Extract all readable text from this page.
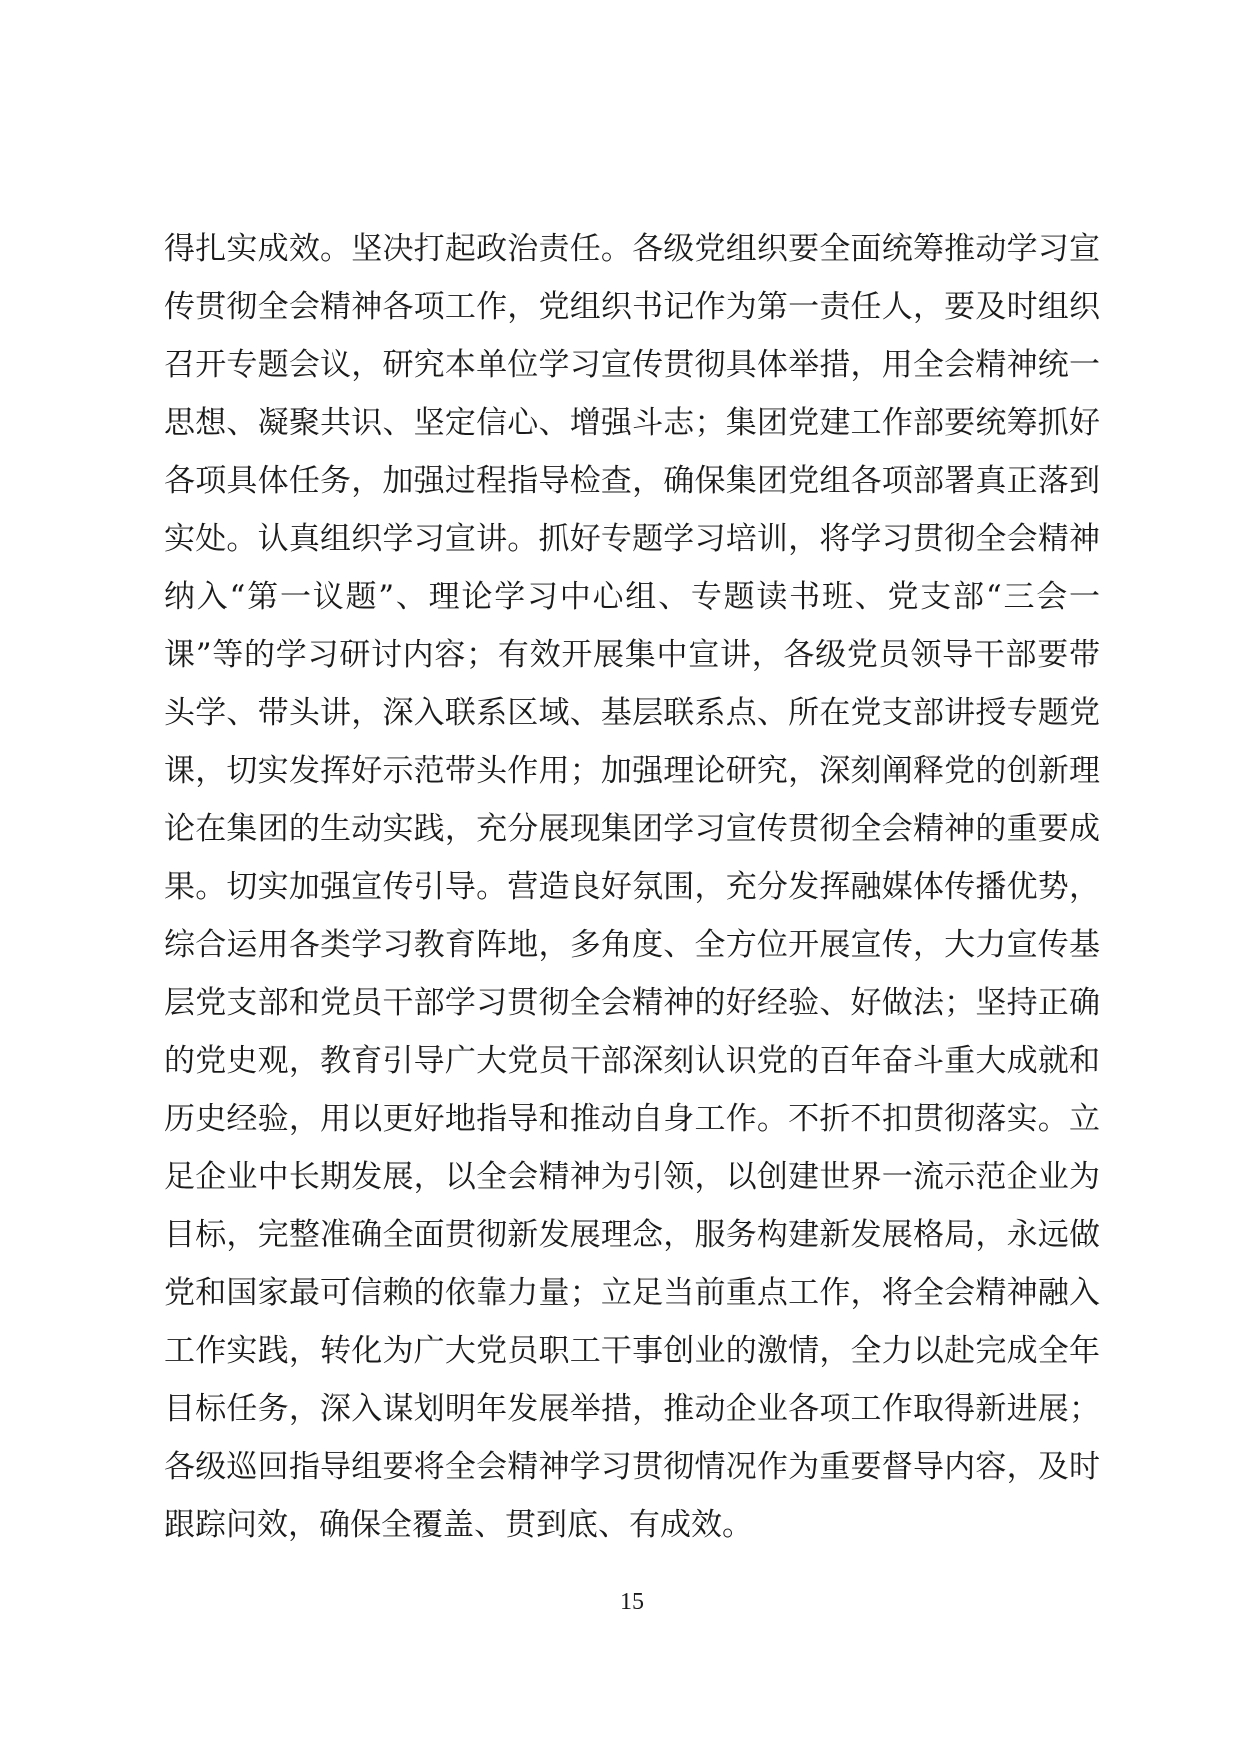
得扎实成效。坚决打起政治责任。各级党组织要全面统筹推动学习宣
传贯彻全会精神各项工作，党组织书记作为第一责任人，要及时组织
召开专题会议，研究本单位学习宣传贯彻具体举措，用全会精神统一
思想、凝聚共识、坚定信心、增强斗志；集团党建工作部要统筹抓好
各项具体任务，加强过程指导检查，确保集团党组各项部署真正落到
实处。认真组织学习宣讲。抓好专题学习培训，将学习贯彻全会精神
纳入“第一议题”、理论学习中心组、专题读书班、党支部“三会一
课”等的学习研讨内容；有效开展集中宣讲，各级党员领导干部要带
头学、带头讲，深入联系区域、基层联系点、所在党支部讲授专题党
课，切实发挥好示范带头作用；加强理论研究，深刻阐释党的创新理
论在集团的生动实践，充分展现集团学习宣传贯彻全会精神的重要成
果。切实加强宣传引导。营造良好氛围，充分发挥融媒体传播优势，
综合运用各类学习教育阵地，多角度、全方位开展宣传，大力宣传基
层党支部和党员干部学习贯彻全会精神的好经验、好做法；坚持正确
的党史观，教育引导广大党员干部深刻认识党的百年奋斗重大成就和
历史经验，用以更好地指导和推动自身工作。不折不扣贯彻落实。立
足企业中长期发展，以全会精神为引领，以创建世界一流示范企业为
目标，完整准确全面贯彻新发展理念，服务构建新发展格局，永远做
党和国家最可信赖的依靠力量；立足当前重点工作，将全会精神融入
工作实践，转化为广大党员职工干事创业的激情，全力以赴完成全年
目标任务，深入谋划明年发展举措，推动企业各项工作取得新进展；
各级巡回指导组要将全会精神学习贯彻情况作为重要督导内容，及时
跟踪问效，确保全覆盖、贯到底、有成效。
15
